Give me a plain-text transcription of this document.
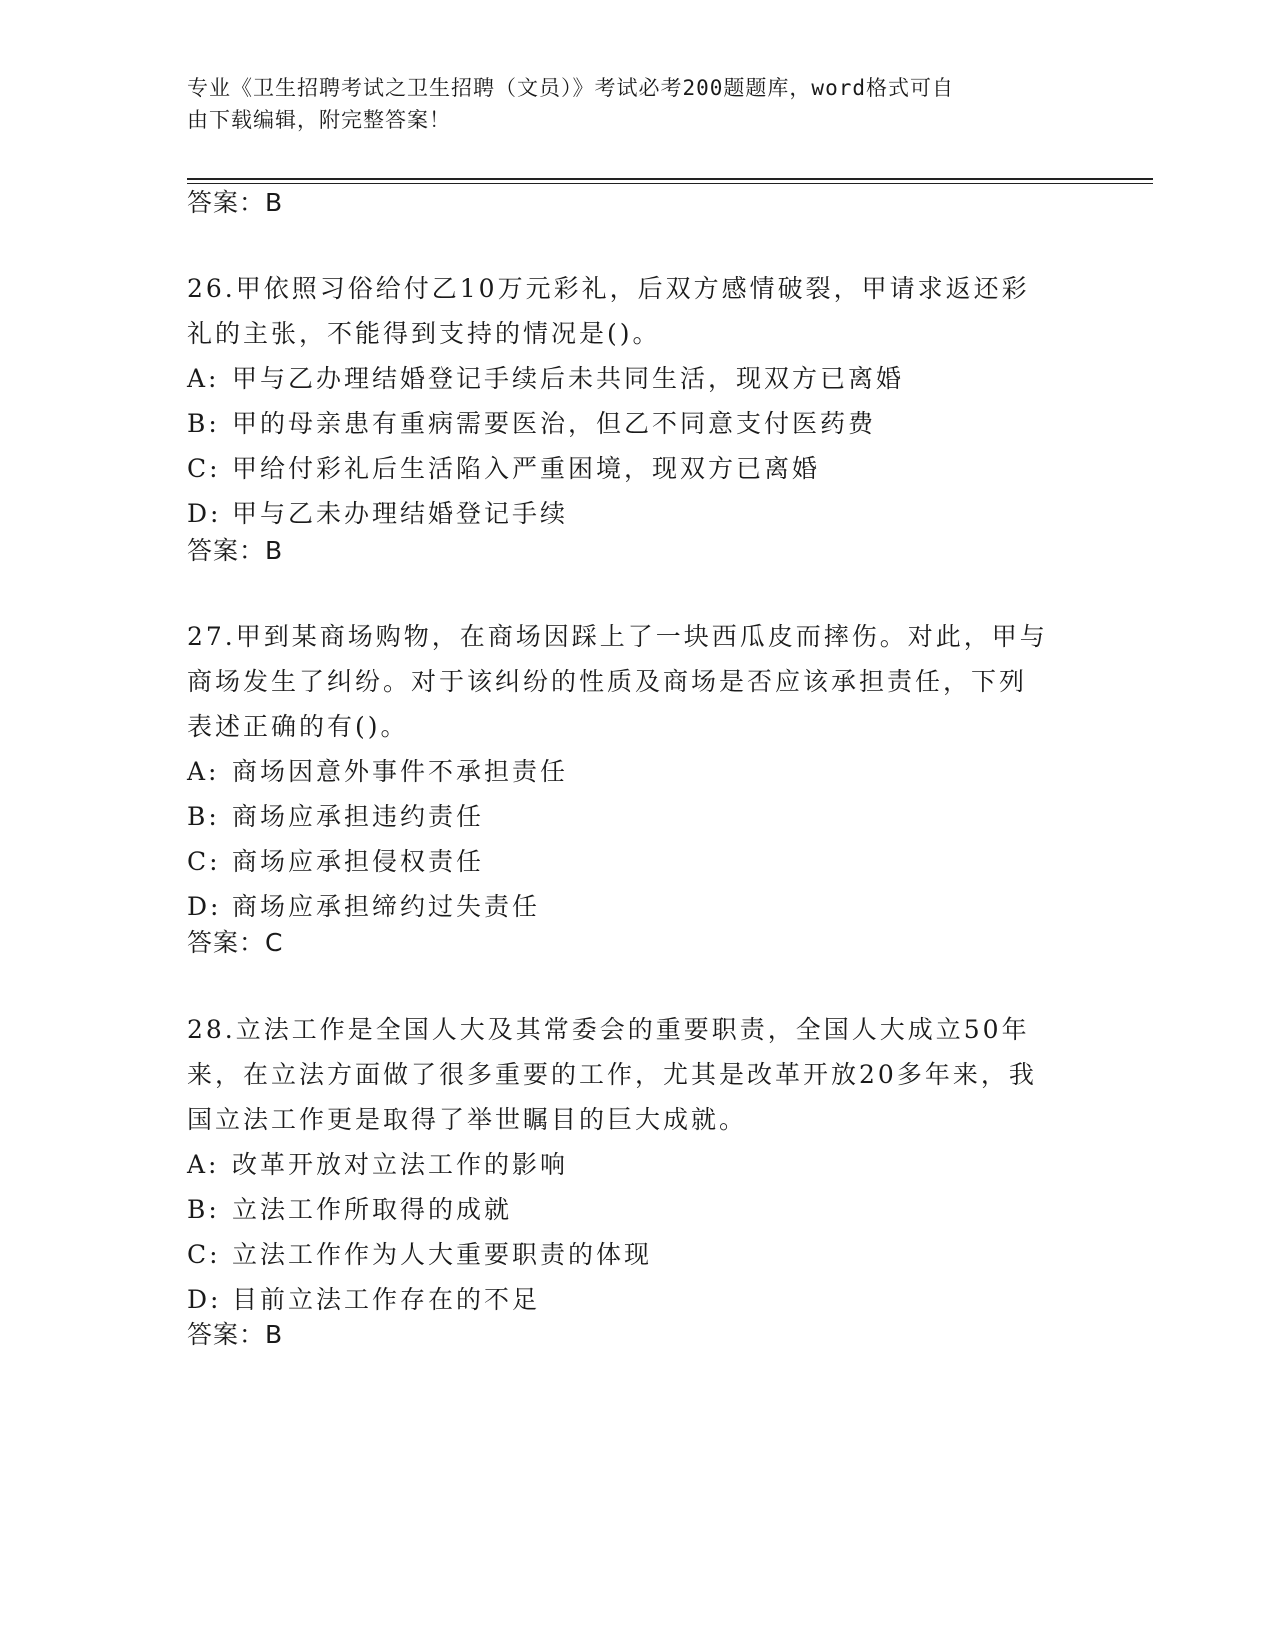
专业《卫生招聘考试之卫生招聘（文员）》考试必考200题题库，word格式可自
由下载编辑，附完整答案！
答案：B
26.甲依照习俗给付乙10万元彩礼，后双方感情破裂，甲请求返还彩
礼的主张，不能得到支持的情况是()。
A: 甲与乙办理结婚登记手续后未共同生活，现双方已离婚
B: 甲的母亲患有重病需要医治，但乙不同意支付医药费
C: 甲给付彩礼后生活陷入严重困境，现双方已离婚
D: 甲与乙未办理结婚登记手续
答案：B
27.甲到某商场购物，在商场因踩上了一块西瓜皮而摔伤。对此，甲与
商场发生了纠纷。对于该纠纷的性质及商场是否应该承担责任，下列
表述正确的有()。
A: 商场因意外事件不承担责任
B: 商场应承担违约责任
C: 商场应承担侵权责任
D: 商场应承担缔约过失责任
答案：C
28.立法工作是全国人大及其常委会的重要职责，全国人大成立50年
来，在立法方面做了很多重要的工作，尤其是改革开放20多年来，我
国立法工作更是取得了举世瞩目的巨大成就。
A: 改革开放对立法工作的影响
B: 立法工作所取得的成就
C: 立法工作作为人大重要职责的体现
D: 目前立法工作存在的不足
答案：B
